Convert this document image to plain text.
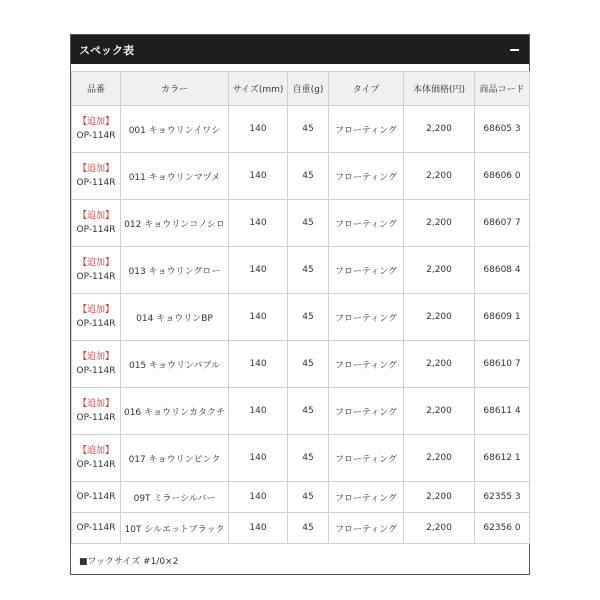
スペック表
品番	カラー	サイズ(mm)	自重(g)	タイプ	本体価格(円)	商品コード

【追加】
OP-114R	001 キョウリンイワシ	140	45	フローティング	2,200	68605 3

【追加】
OP-114R	011 キョウリンマヅメ	140	45	フローティング	2,200	68606 0

【追加】
OP-114R	012 キョウリンコノシロ	140	45	フローティング	2,200	68607 7

【追加】
OP-114R	013 キョウリングロー	140	45	フローティング	2,200	68608 4

【追加】
OP-114R	014 キョウリンBP	140	45	フローティング	2,200	68609 1

【追加】
OP-114R	015 キョウリンパブル	140	45	フローティング	2,200	68610 7

【追加】
OP-114R	016 キョウリンカタクチ	140	45	フローティング	2,200	68611 4

【追加】
OP-114R	017 キョウリンピンク	140	45	フローティング	2,200	68612 1
OP-114R	09T ミラーシルバー	140	45	フローティング	2,200	62355 3
OP-114R	10T シルエットブラック	140	45	フローティング	2,200	62356 0
■フックサイズ #1/0×2
